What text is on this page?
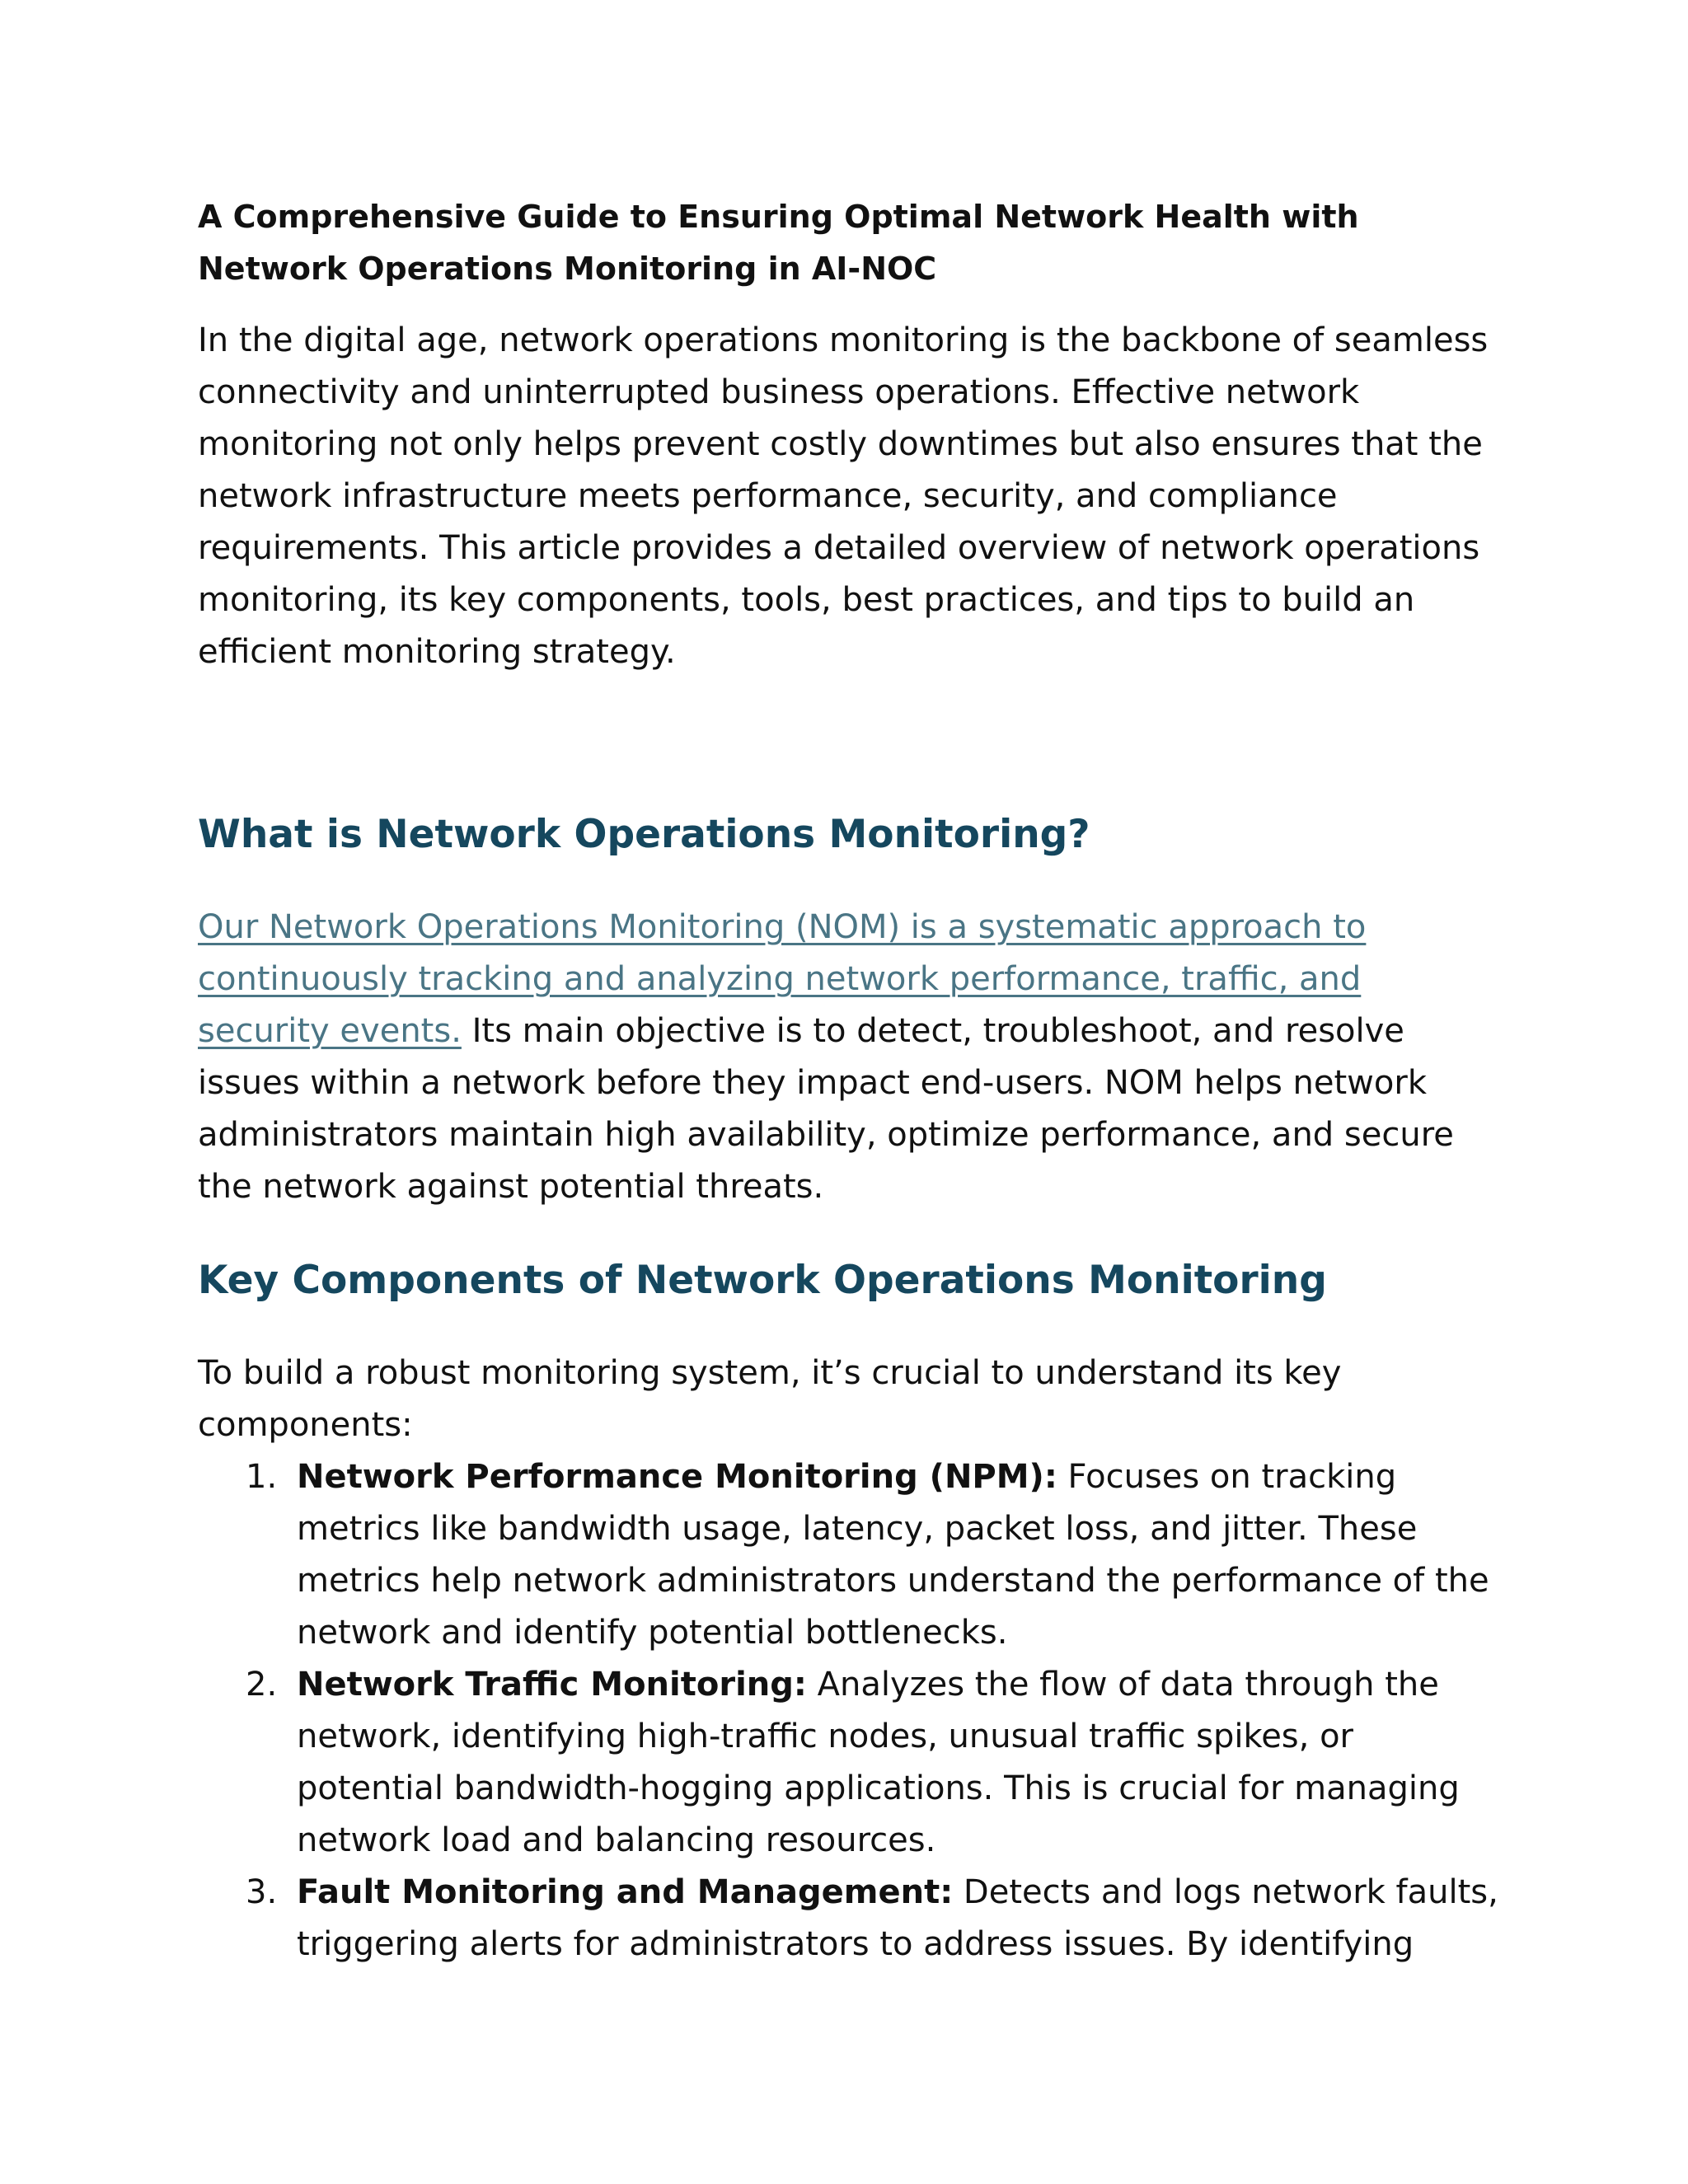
A Comprehensive Guide to Ensuring Optimal Network Health with Network Operations Monitoring in AI-NOC

In the digital age, network operations monitoring is the backbone of seamless connectivity and uninterrupted business operations. Effective network monitoring not only helps prevent costly downtimes but also ensures that the network infrastructure meets performance, security, and compliance requirements. This article provides a detailed overview of network operations monitoring, its key components, tools, best practices, and tips to build an efficient monitoring strategy.

What is Network Operations Monitoring?

Our Network Operations Monitoring (NOM) is a systematic approach to continuously tracking and analyzing network performance, traffic, and security events. Its main objective is to detect, troubleshoot, and resolve issues within a network before they impact end-users. NOM helps network administrators maintain high availability, optimize performance, and secure the network against potential threats.

Key Components of Network Operations Monitoring

To build a robust monitoring system, it’s crucial to understand its key components:

1. Network Performance Monitoring (NPM): Focuses on tracking metrics like bandwidth usage, latency, packet loss, and jitter. These metrics help network administrators understand the performance of the network and identify potential bottlenecks.
2. Network Traffic Monitoring: Analyzes the flow of data through the network, identifying high-traffic nodes, unusual traffic spikes, or potential bandwidth-hogging applications. This is crucial for managing network load and balancing resources.
3. Fault Monitoring and Management: Detects and logs network faults, triggering alerts for administrators to address issues. By identifying
